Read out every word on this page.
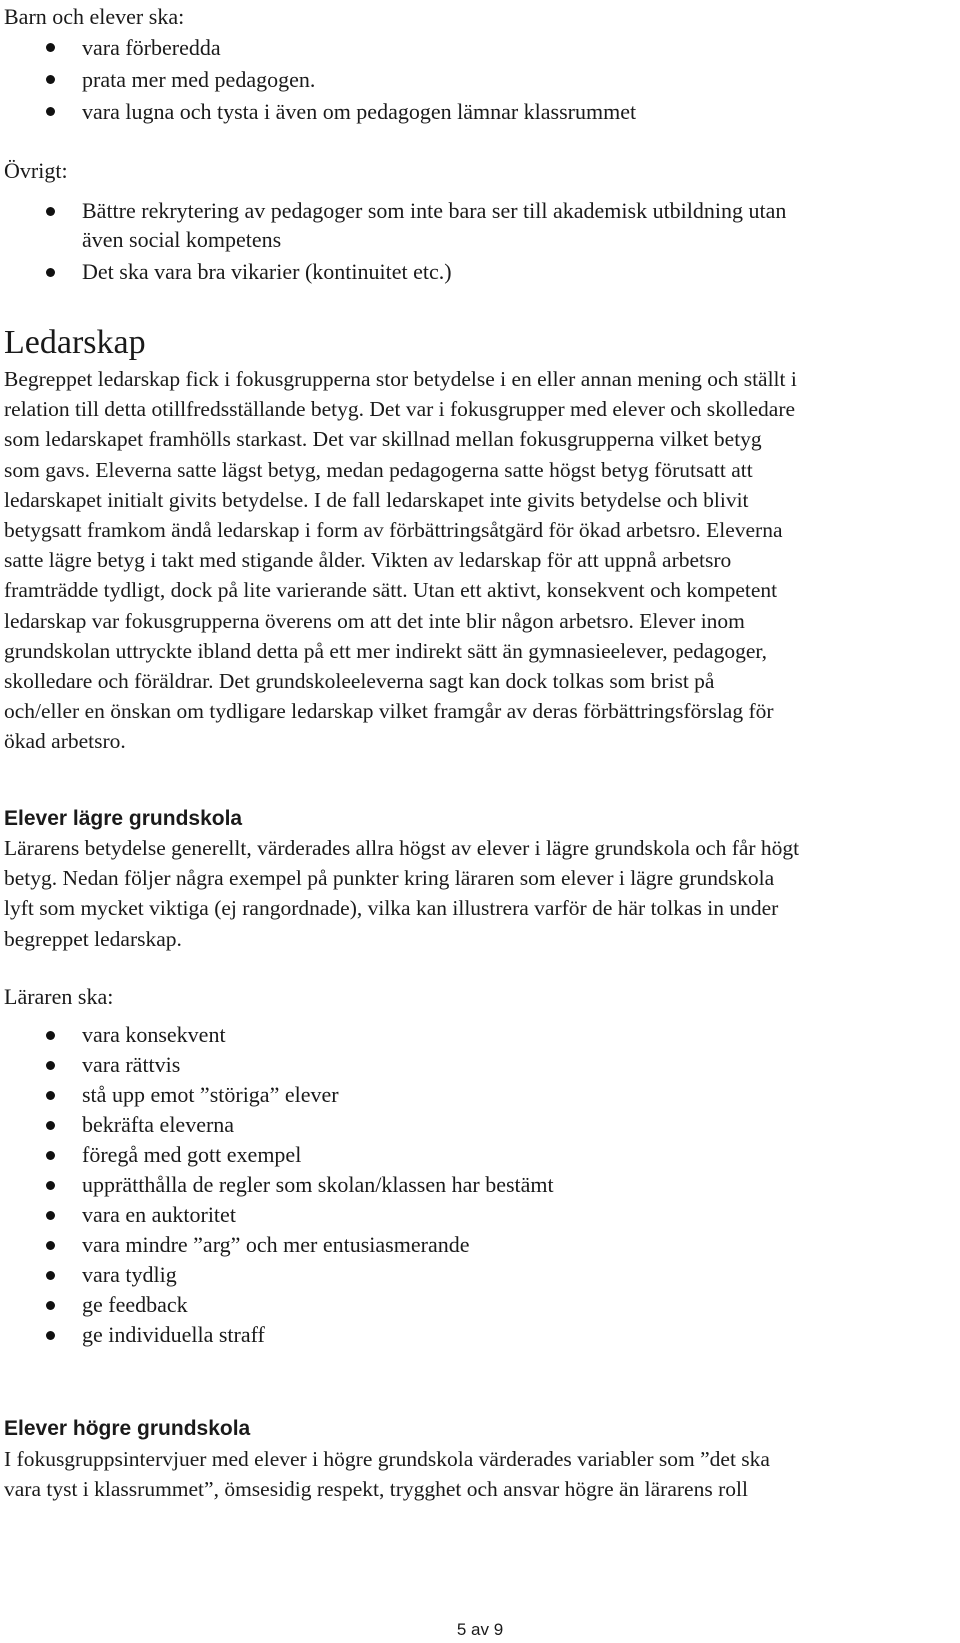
Barn och elever ska:

vara förberedda
prata mer med pedagogen.
vara lugna och tysta i även om pedagogen lämnar klassrummet

Övrigt:

Bättre rekrytering av pedagoger som inte bara ser till akademisk utbildning utan
även social kompetens
Det ska vara bra vikarier (kontinuitet etc.)
Ledarskap

Begreppet ledarskap fick i fokusgrupperna stor betydelse i en eller annan mening och ställt i
relation till detta otillfredsställande betyg. Det var i fokusgrupper med elever och skolledare
som ledarskapet framhölls starkast. Det var skillnad mellan fokusgrupperna vilket betyg
som gavs. Eleverna satte lägst betyg, medan pedagogerna satte högst betyg förutsatt att
ledarskapet initialt givits betydelse. I de fall ledarskapet inte givits betydelse och blivit
betygsatt framkom ändå ledarskap i form av förbättringsåtgärd för ökad arbetsro. Eleverna
satte lägre betyg i takt med stigande ålder. Vikten av ledarskap för att uppnå arbetsro
framträdde tydligt, dock på lite varierande sätt. Utan ett aktivt, konsekvent och kompetent
ledarskap var fokusgrupperna överens om att det inte blir någon arbetsro. Elever inom
grundskolan uttryckte ibland detta på ett mer indirekt sätt än gymnasieelever, pedagoger,
skolledare och föräldrar. Det grundskoleeleverna sagt kan dock tolkas som brist på
och/eller en önskan om tydligare ledarskap vilket framgår av deras förbättringsförslag för
ökad arbetsro.

Elever lägre grundskola

Lärarens betydelse generellt, värderades allra högst av elever i lägre grundskola och får högt
betyg. Nedan följer några exempel på punkter kring läraren som elever i lägre grundskola
lyft som mycket viktiga (ej rangordnade), vilka kan illustrera varför de här tolkas in under
begreppet ledarskap.

Läraren ska:

vara konsekvent
vara rättvis
stå upp emot ”störiga” elever
bekräfta eleverna
föregå med gott exempel
upprätthålla de regler som skolan/klassen har bestämt
vara en auktoritet
vara mindre ”arg” och mer entusiasmerande
vara tydlig
ge feedback
ge individuella straff
Elever högre grundskola

I fokusgruppsintervjuer med elever i högre grundskola värderades variabler som ”det ska
vara tyst i klassrummet”, ömsesidig respekt, trygghet och ansvar högre än lärarens roll

5 av 9
